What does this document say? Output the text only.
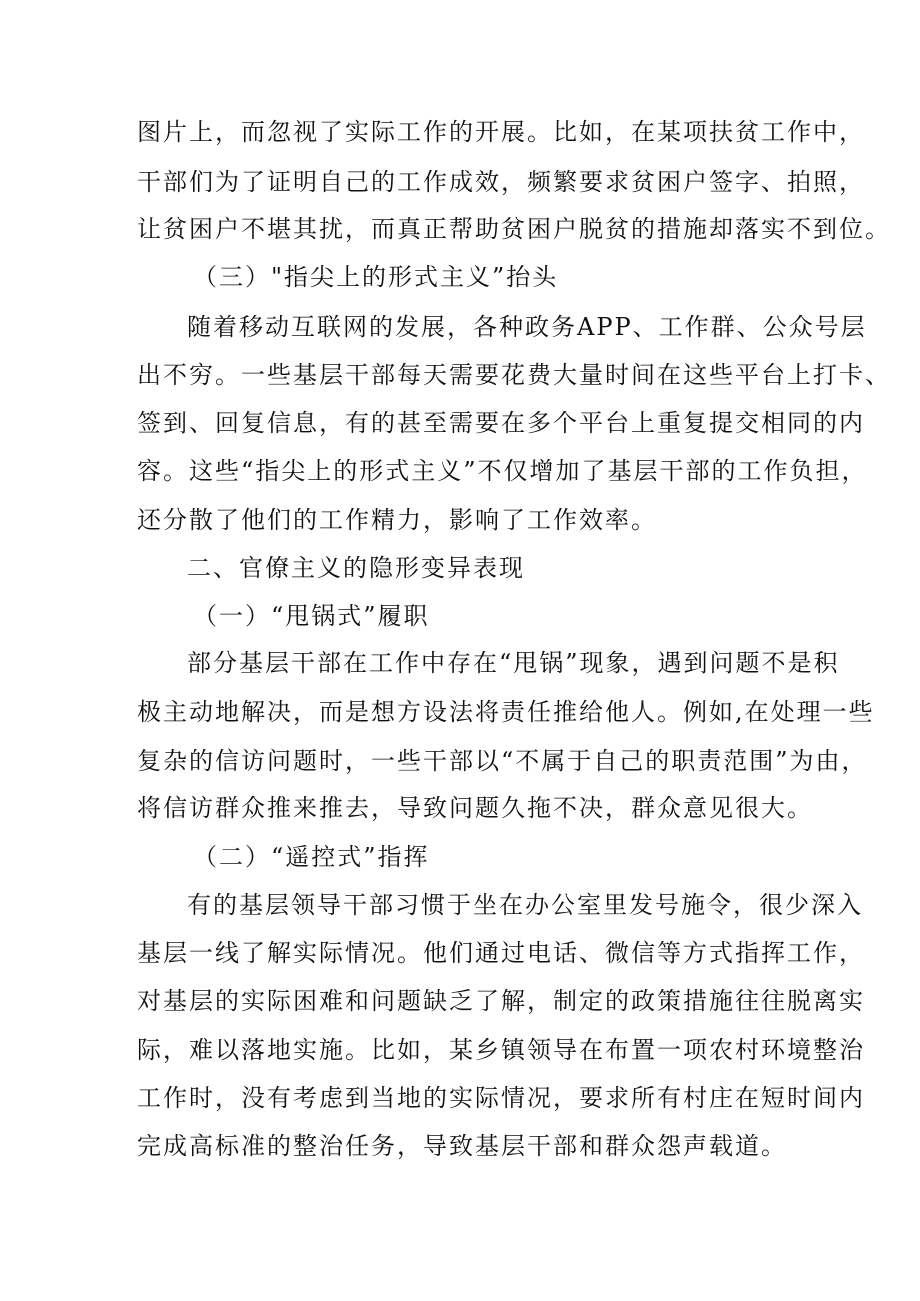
图片上，而忽视了实际工作的开展。比如，在某项扶贫工作中，
干部们为了证明自己的工作成效，频繁要求贫困户签字、拍照，
让贫困户不堪其扰，而真正帮助贫困户脱贫的措施却落实不到位。
（三）"指尖上的形式主义”抬头
随着移动互联网的发展，各种政务APP、工作群、公众号层
出不穷。一些基层干部每天需要花费大量时间在这些平台上打卡、
签到、回复信息，有的甚至需要在多个平台上重复提交相同的内
容。这些“指尖上的形式主义”不仅增加了基层干部的工作负担，
还分散了他们的工作精力，影响了工作效率。
二、官僚主义的隐形变异表现
（一）“甩锅式”履职
部分基层干部在工作中存在“甩锅”现象，遇到问题不是积
极主动地解决，而是想方设法将责任推给他人。例如,在处理一些
复杂的信访问题时，一些干部以“不属于自己的职责范围”为由，
将信访群众推来推去，导致问题久拖不决，群众意见很大。
（二）“遥控式”指挥
有的基层领导干部习惯于坐在办公室里发号施令，很少深入
基层一线了解实际情况。他们通过电话、微信等方式指挥工作，
对基层的实际困难和问题缺乏了解，制定的政策措施往往脱离实
际，难以落地实施。比如，某乡镇领导在布置一项农村环境整治
工作时，没有考虑到当地的实际情况，要求所有村庄在短时间内
完成高标准的整治任务，导致基层干部和群众怨声载道。
